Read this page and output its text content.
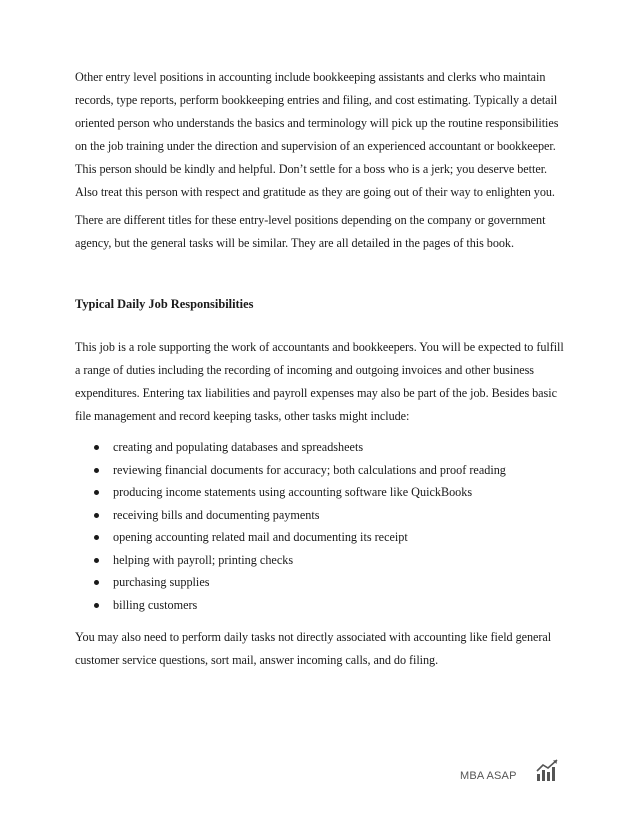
Other entry level positions in accounting include bookkeeping assistants and clerks who maintain records, type reports, perform bookkeeping entries and filing, and cost estimating. Typically a detail oriented person who understands the basics and terminology will pick up the routine responsibilities on the job training under the direction and supervision of an experienced accountant or bookkeeper. This person should be kindly and helpful. Don’t settle for a boss who is a jerk; you deserve better. Also treat this person with respect and gratitude as they are going out of their way to enlighten you.

There are different titles for these entry-level positions depending on the company or government agency, but the general tasks will be similar. They are all detailed in the pages of this book.

Typical Daily Job Responsibilities

This job is a role supporting the work of accountants and bookkeepers. You will be expected to fulfill a range of duties including the recording of incoming and outgoing invoices and other business expenditures. Entering tax liabilities and payroll expenses may also be part of the job. Besides basic file management and record keeping tasks, other tasks might include:

creating and populating databases and spreadsheets
reviewing financial documents for accuracy; both calculations and proof reading
producing income statements using accounting software like QuickBooks
receiving bills and documenting payments
opening accounting related mail and documenting its receipt
helping with payroll; printing checks
purchasing supplies
billing customers

You may also need to perform daily tasks not directly associated with accounting like field general customer service questions, sort mail, answer incoming calls, and do filing.

MBA ASAP
